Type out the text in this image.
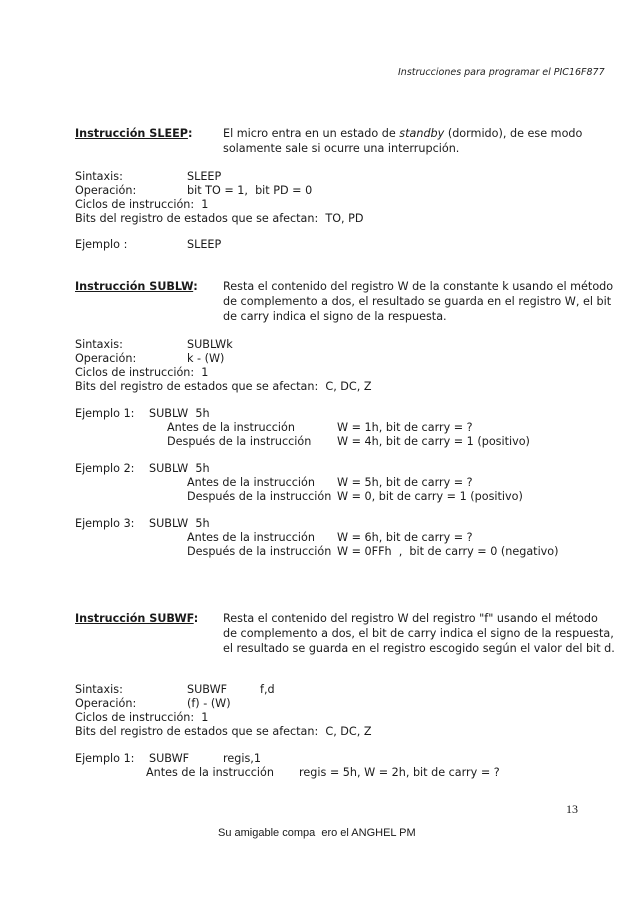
Instrucciones para programar el PIC16F877
Instrucción SLEEP:	El micro entra en un estado de standby (dormido), de ese modo
solamente sale si ocurre una interrupción.
Sintaxis:	SLEEP
Operación:	bit TO = 1,  bit PD = 0
Ciclos de instrucción:  1
Bits del registro de estados que se afectan:  TO, PD
Ejemplo :	SLEEP
Instrucción SUBLW: Resta el contenido del registro W de la constante k usando el método
de complemento a dos, el resultado se guarda en el registro W, el bit
de carry indica el signo de la respuesta.
Sintaxis:	SUBLWk
Operación:	k - (W)
Ciclos de instrucción:  1
Bits del registro de estados que se afectan:  C, DC, Z
Ejemplo 1: SUBLW  5h
Antes de la instrucción	W = 1h, bit de carry = ?
Después de la instrucción W = 4h, bit de carry = 1 (positivo)
Ejemplo 2: SUBLW  5h
Antes de la instrucción W = 5h, bit de carry = ?
Después de la instrucción W = 0, bit de carry = 1 (positivo)
Ejemplo 3: SUBLW  5h
Antes de la instrucción W = 6h, bit de carry = ?
Después de la instrucción W = 0FFh  ,  bit de carry = 0 (negativo)
Instrucción SUBWF: Resta el contenido del registro W del registro "f" usando el método
de complemento a dos, el bit de carry indica el signo de la respuesta,
el resultado se guarda en el registro escogido según el valor del bit d.
Sintaxis:	SUBWF	f,d
Operación:	(f) - (W)
Ciclos de instrucción:  1
Bits del registro de estados que se afectan:  C, DC, Z
Ejemplo 1: SUBWF	regis,1
Antes de la instrucción regis = 5h, W = 2h, bit de carry = ?
13
Su amigable compa  ero el ANGHEL PM
